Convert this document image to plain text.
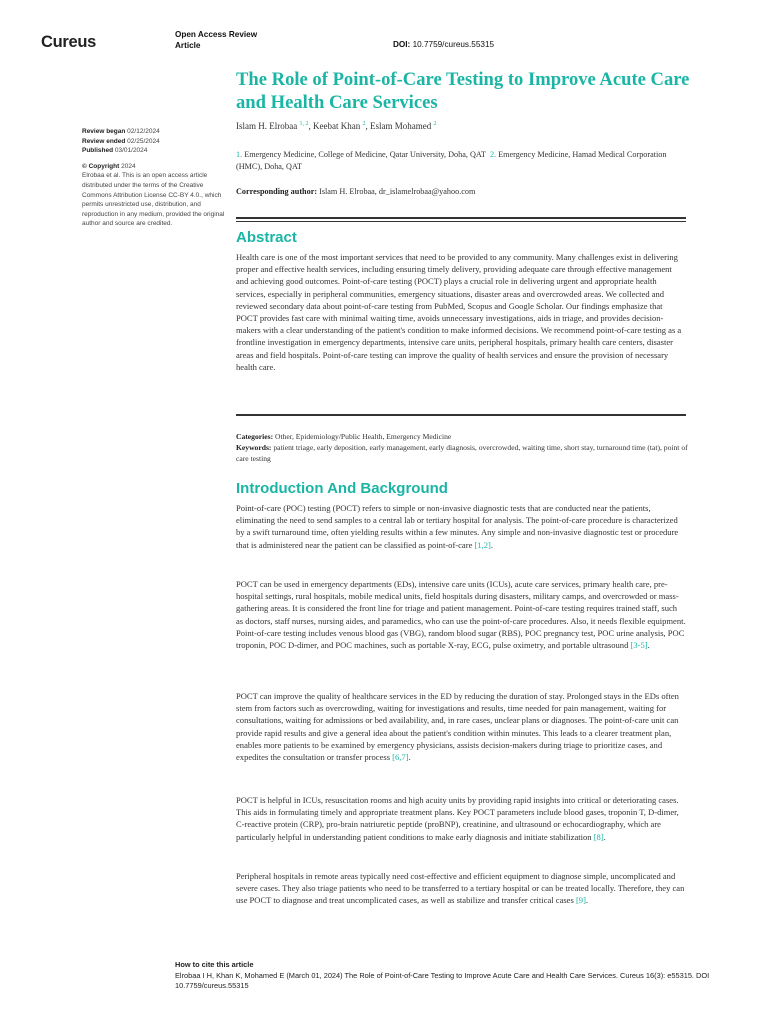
Cureus	Open Access Review
Article	DOI: 10.7759/cureus.55315
The Role of Point-of-Care Testing to Improve Acute Care and Health Care Services
Islam H. Elrobaa $^{1, 2}$, Keebat Khan $^2$, Eslam Mohamed $^2$
1. Emergency Medicine, College of Medicine, Qatar University, Doha, QAT 2. Emergency Medicine, Hamad Medical Corporation (HMC), Doha, QAT
Corresponding author: Islam H. Elrobaa, dr_islamelrobaa@yahoo.com
Review began 02/12/2024
Review ended 02/25/2024
Published 03/01/2024
© Copyright 2024
Elrobaa et al. This is an open access article distributed under the terms of the Creative Commons Attribution License CC-BY 4.0., which permits unrestricted use, distribution, and reproduction in any medium, provided the original author and source are credited.
Abstract

Health care is one of the most important services that need to be provided to any community. Many challenges exist in delivering proper and effective health services, including ensuring timely delivery, providing adequate care through effective management and achieving good outcomes. Point-of-care testing (POCT) plays a crucial role in delivering urgent and appropriate health services, especially in peripheral communities, emergency situations, disaster areas and overcrowded areas. We collected and reviewed secondary data about point-of-care testing from PubMed, Scopus and Google Scholar. Our findings emphasize that POCT provides fast care with minimal waiting time, avoids unnecessary investigations, aids in triage, and provides decision-makers with a clear understanding of the patient's condition to make informed decisions. We recommend point-of-care testing as a frontline investigation in emergency departments, intensive care units, peripheral hospitals, primary health care centers, disaster areas and field hospitals. Point-of-care testing can improve the quality of health services and ensure the provision of necessary health care.

Categories: Other, Epidemiology/Public Health, Emergency Medicine
Keywords: patient triage, early deposition, early management, early diagnosis, overcrowded, waiting time, short stay, turnaround time (tat), point of care testing
Introduction And Background

Point-of-care (POC) testing (POCT) refers to simple or non-invasive diagnostic tests that are conducted near the patients, eliminating the need to send samples to a central lab or tertiary hospital for analysis. The point-of-care procedure is characterized by a swift turnaround time, often yielding results within a few minutes. Any simple and non-invasive diagnostic test or procedure that is administered near the patient can be classified as point-of-care [1,2].

POCT can be used in emergency departments (EDs), intensive care units (ICUs), acute care services, primary health care, pre-hospital settings, rural hospitals, mobile medical units, field hospitals during disasters, military camps, and overcrowded or mass-gathering areas. It is considered the front line for triage and patient management. Point-of-care testing requires trained staff, such as doctors, staff nurses, nursing aides, and paramedics, who can use the point-of-care procedures. Also, it needs flexible equipment. Point-of-care testing includes venous blood gas (VBG), random blood sugar (RBS), POC pregnancy test, POC urine analysis, POC troponin, POC D-dimer, and POC machines, such as portable X-ray, ECG, pulse oximetry, and portable ultrasound [3-5].

POCT can improve the quality of healthcare services in the ED by reducing the duration of stay. Prolonged stays in the EDs often stem from factors such as overcrowding, waiting for investigations and results, time needed for pain management, waiting for consultations, waiting for admissions or bed availability, and, in rare cases, unclear plans or diagnoses. The point-of-care unit can provide rapid results and give a general idea about the patient's condition within minutes. This leads to a clearer treatment plan, enables more patients to be examined by emergency physicians, assists decision-makers during triage to prioritize cases, and expedites the consultation or transfer process [6,7].

POCT is helpful in ICUs, resuscitation rooms and high acuity units by providing rapid insights into critical or deteriorating cases. This aids in formulating timely and appropriate treatment plans. Key POCT parameters include blood gases, troponin T, D-dimer, C-reactive protein (CRP), pro-brain natriuretic peptide (proBNP), creatinine, and ultrasound or echocardiography, which are particularly helpful in understanding patient conditions to make early diagnosis and initiate stabilization [8].

Peripheral hospitals in remote areas typically need cost-effective and efficient equipment to diagnose simple, uncomplicated and severe cases. They also triage patients who need to be transferred to a tertiary hospital or can be treated locally. Therefore, they can use POCT to diagnose and treat uncomplicated cases, as well as stabilize and transfer critical cases [9].

How to cite this article
Elrobaa I H, Khan K, Mohamed E (March 01, 2024) The Role of Point-of-Care Testing to Improve Acute Care and Health Care Services. Cureus 16(3): e55315. DOI 10.7759/cureus.55315
